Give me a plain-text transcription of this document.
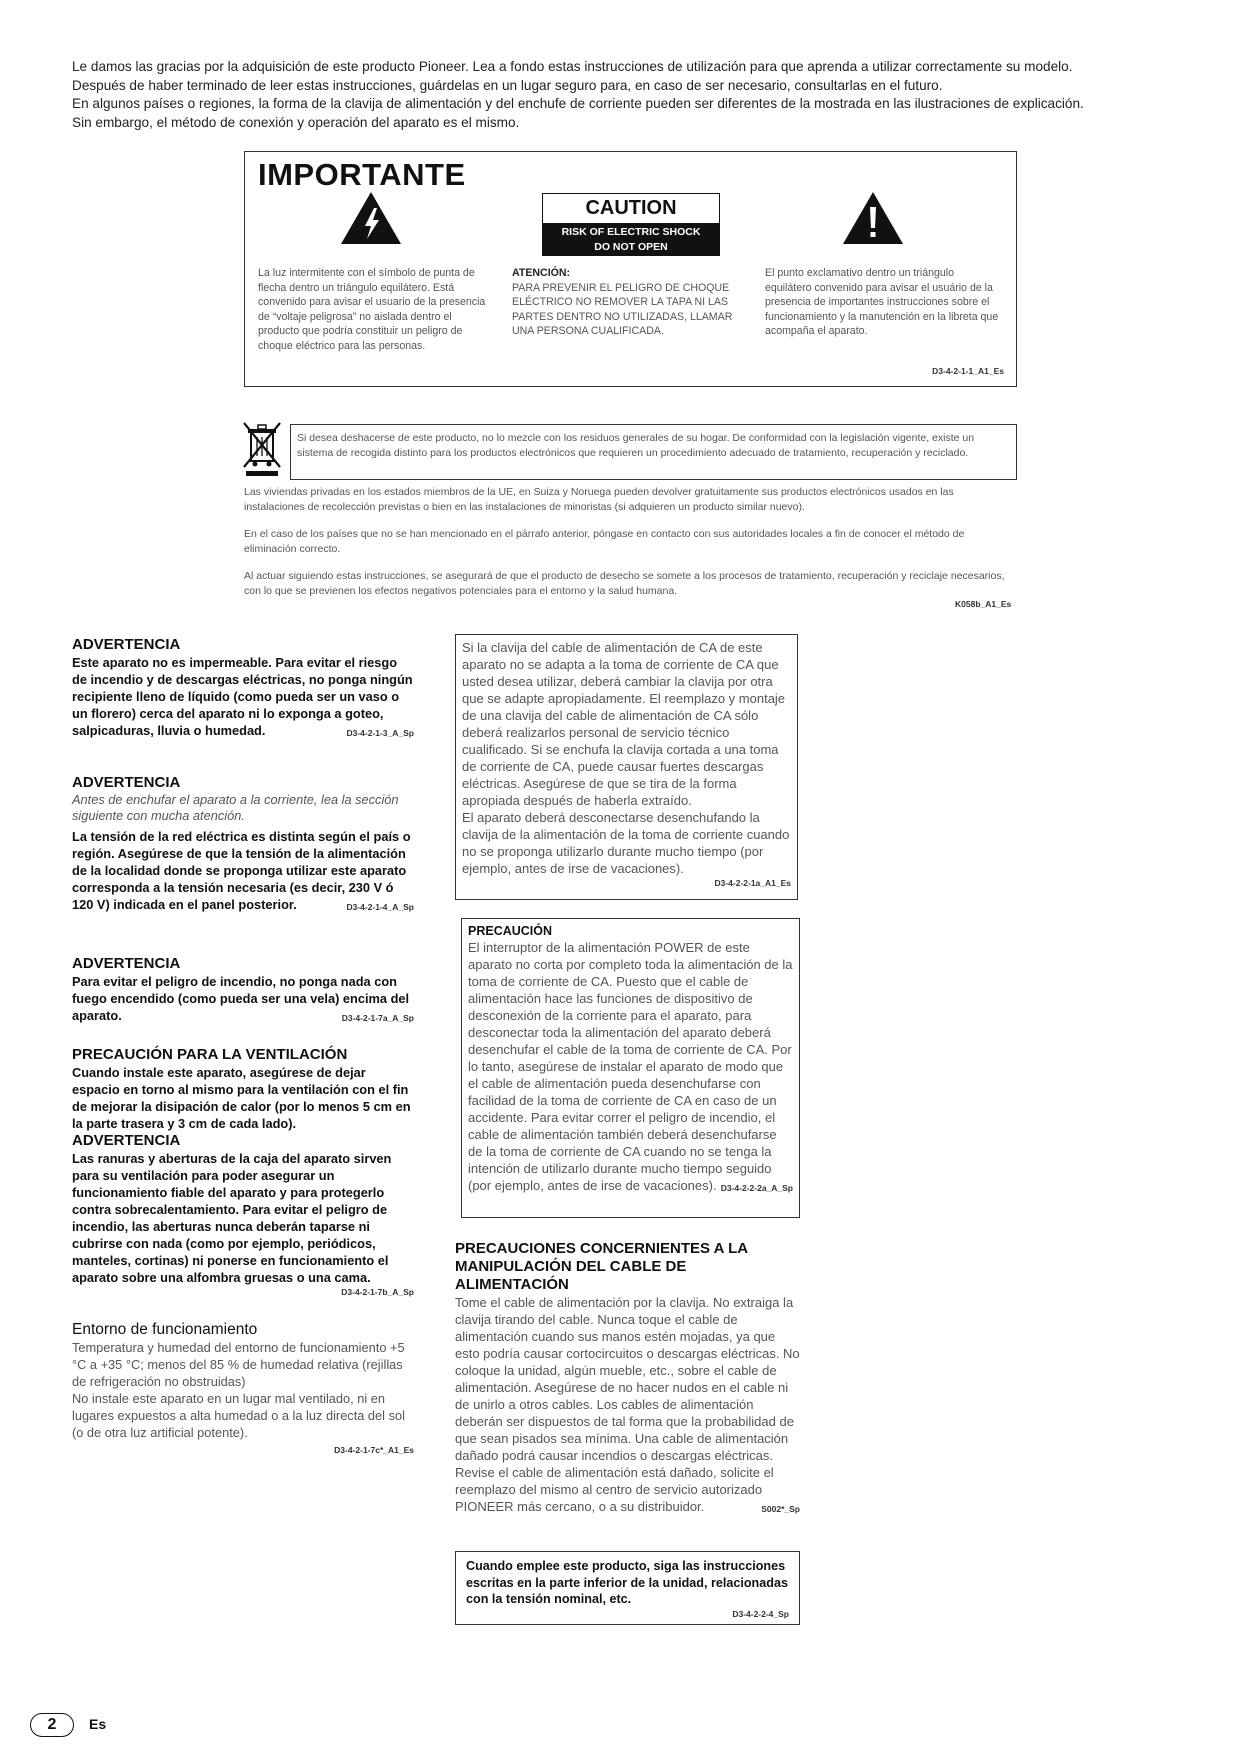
Le damos las gracias por la adquisición de este producto Pioneer. Lea a fondo estas instrucciones de utilización para que aprenda a utilizar correctamente su modelo.

Después de haber terminado de leer estas instrucciones, guárdelas en un lugar seguro para, en caso de ser necesario, consultarlas en el futuro.

En algunos países o regiones, la forma de la clavija de alimentación y del enchufe de corriente pueden ser diferentes de la mostrada en las ilustraciones de explicación.

Sin embargo, el método de conexión y operación del aparato es el mismo.

IMPORTANTE
CAUTION
RISK OF ELECTRIC SHOCK
DO NOT OPEN
La luz intermitente con el símbolo de punta de flecha dentro un triángulo equilátero. Está convenido para avisar el usuario de la presencia de “voltaje peligrosa” no aislada dentro el producto que podría constituir un peligro de choque eléctrico para las personas.
ATENCIÓN:
PARA PREVENIR EL PELIGRO DE CHOQUE ELÉCTRICO NO REMOVER LA TAPA NI LAS PARTES DENTRO NO UTILIZADAS, LLAMAR UNA PERSONA CUALIFICADA.
El punto exclamativo dentro un triángulo equilátero convenido para avisar el usuário de la presencia de importantes instrucciones sobre el funcionamiento y la manutención en la libreta que acompaña el aparato.
D3-4-2-1-1_A1_Es
Si desea deshacerse de este producto, no lo mezcle con los residuos generales de su hogar. De conformidad con la legislación vigente, existe un sistema de recogida distinto para los productos electrónicos que requieren un procedimiento adecuado de tratamiento, recuperación y reciclado.

Las viviendas privadas en los estados miembros de la UE, en Suiza y Noruega pueden devolver gratuitamente sus productos electrónicos usados en las instalaciones de recolección previstas o bien en las instalaciones de minoristas (si adquieren un producto similar nuevo).

En el caso de los países que no se han mencionado en el párrafo anterior, póngase en contacto con sus autoridades locales a fin de conocer el método de eliminación correcto.

Al actuar siguiendo estas instrucciones, se asegurará de que el producto de desecho se somete a los procesos de tratamiento, recuperación y reciclaje necesarios, con lo que se previenen los efectos negativos potenciales para el entorno y la salud humana.

K058b_A1_Es

ADVERTENCIA

Este aparato no es impermeable. Para evitar el riesgo de incendio y de descargas eléctricas, no ponga ningún recipiente lleno de líquido (como pueda ser un vaso o un florero) cerca del aparato ni lo exponga a goteo, salpicaduras, lluvia o humedad.	D3-4-2-1-3_A_Sp

ADVERTENCIA

Antes de enchufar el aparato a la corriente, lea la sección siguiente con mucha atención.

La tensión de la red eléctrica es distinta según el país o región. Asegúrese de que la tensión de la alimentación de la localidad donde se proponga utilizar este aparato corresponda a la tensión necesaria (es decir, 230 V ó 120 V) indicada en el panel posterior.	D3-4-2-1-4_A_Sp

ADVERTENCIA

Para evitar el peligro de incendio, no ponga nada con fuego encendido (como pueda ser una vela) encima del aparato.	D3-4-2-1-7a_A_Sp

PRECAUCIÓN PARA LA VENTILACIÓN

Cuando instale este aparato, asegúrese de dejar espacio en torno al mismo para la ventilación con el fin de mejorar la disipación de calor (por lo menos 5 cm en la parte trasera y 3 cm de cada lado).

ADVERTENCIA

Las ranuras y aberturas de la caja del aparato sirven para su ventilación para poder asegurar un funcionamiento fiable del aparato y para protegerlo contra sobrecalentamiento. Para evitar el peligro de incendio, las aberturas nunca deberán taparse ni cubrirse con nada (como por ejemplo, periódicos, manteles, cortinas) ni ponerse en funcionamiento el aparato sobre una alfombra gruesas o una cama.

D3-4-2-1-7b_A_Sp

Entorno de funcionamiento

Temperatura y humedad del entorno de funcionamiento +5 °C a +35 °C; menos del 85 % de humedad relativa (rejillas de refrigeración no obstruidas)

No instale este aparato en un lugar mal ventilado, ni en lugares expuestos a alta humedad o a la luz directa del sol (o de otra luz artificial potente).

D3-4-2-1-7c*_A1_Es

Si la clavija del cable de alimentación de CA de este aparato no se adapta a la toma de corriente de CA que usted desea utilizar, deberá cambiar la clavija por otra que se adapte apropiadamente. El reemplazo y montaje de una clavija del cable de alimentación de CA sólo deberá realizarlos personal de servicio técnico cualificado. Si se enchufa la clavija cortada a una toma de corriente de CA, puede causar fuertes descargas eléctricas. Asegúrese de que se tira de la forma apropiada después de haberla extraído.

El aparato deberá desconectarse desenchufando la clavija de la alimentación de la toma de corriente cuando no se proponga utilizarlo durante mucho tiempo (por ejemplo, antes de irse de vacaciones).

D3-4-2-2-1a_A1_Es

PRECAUCIÓN

El interruptor de la alimentación POWER de este aparato no corta por completo toda la alimentación de la toma de corriente de CA. Puesto que el cable de alimentación hace las funciones de dispositivo de desconexión de la corriente para el aparato, para desconectar toda la alimentación del aparato deberá desenchufar el cable de la toma de corriente de CA. Por lo tanto, asegúrese de instalar el aparato de modo que el cable de alimentación pueda desenchufarse con facilidad de la toma de corriente de CA en caso de un accidente. Para evitar correr el peligro de incendio, el cable de alimentación también deberá desenchufarse de la toma de corriente de CA cuando no se tenga la intención de utilizarlo durante mucho tiempo seguido (por ejemplo, antes de irse de vacaciones). D3-4-2-2-2a_A_Sp

PRECAUCIONES CONCERNIENTES A LA MANIPULACIÓN DEL CABLE DE ALIMENTACIÓN

Tome el cable de alimentación por la clavija. No extraiga la clavija tirando del cable. Nunca toque el cable de alimentación cuando sus manos estén mojadas, ya que esto podría causar cortocircuitos o descargas eléctricas. No coloque la unidad, algún mueble, etc., sobre el cable de alimentación. Asegúrese de no hacer nudos en el cable ni de unirlo a otros cables. Los cables de alimentación deberán ser dispuestos de tal forma que la probabilidad de que sean pisados sea mínima. Una cable de alimentación dañado podrá causar incendios o descargas eléctricas. Revise el cable de alimentación está dañado, solicite el reemplazo del mismo al centro de servicio autorizado PIONEER más cercano, o a su distribuidor.	S002*_Sp

Cuando emplee este producto, siga las instrucciones escritas en la parte inferior de la unidad, relacionadas con la tensión nominal, etc.

D3-4-2-2-4_Sp
2	Es
